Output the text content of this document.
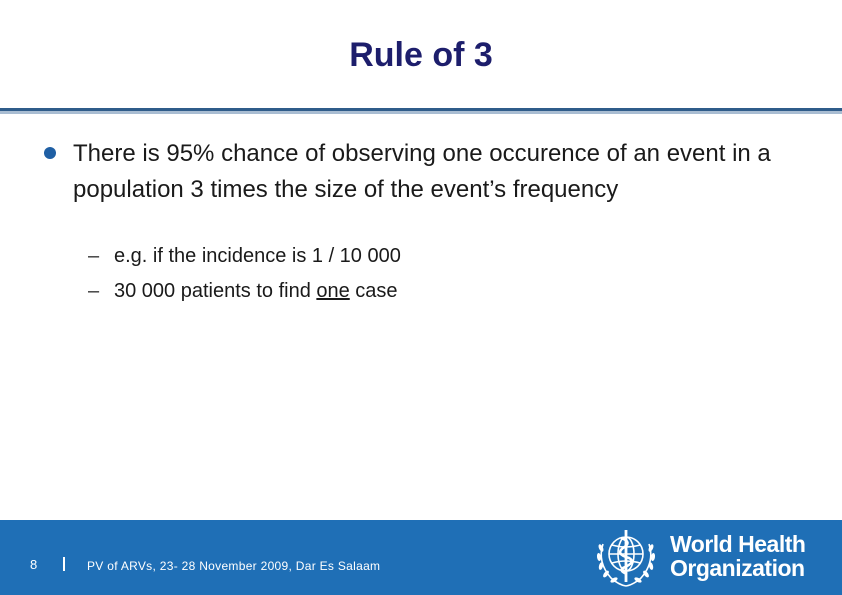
Rule of 3
There is 95% chance of observing one occurence of an event in a population 3 times the size of the event’s frequency
– e.g. if the incidence is 1 / 10 000
– 30 000 patients to find one case
8	PV of ARVs, 23- 28 November 2009, Dar Es Salaam
World Health
Organization
